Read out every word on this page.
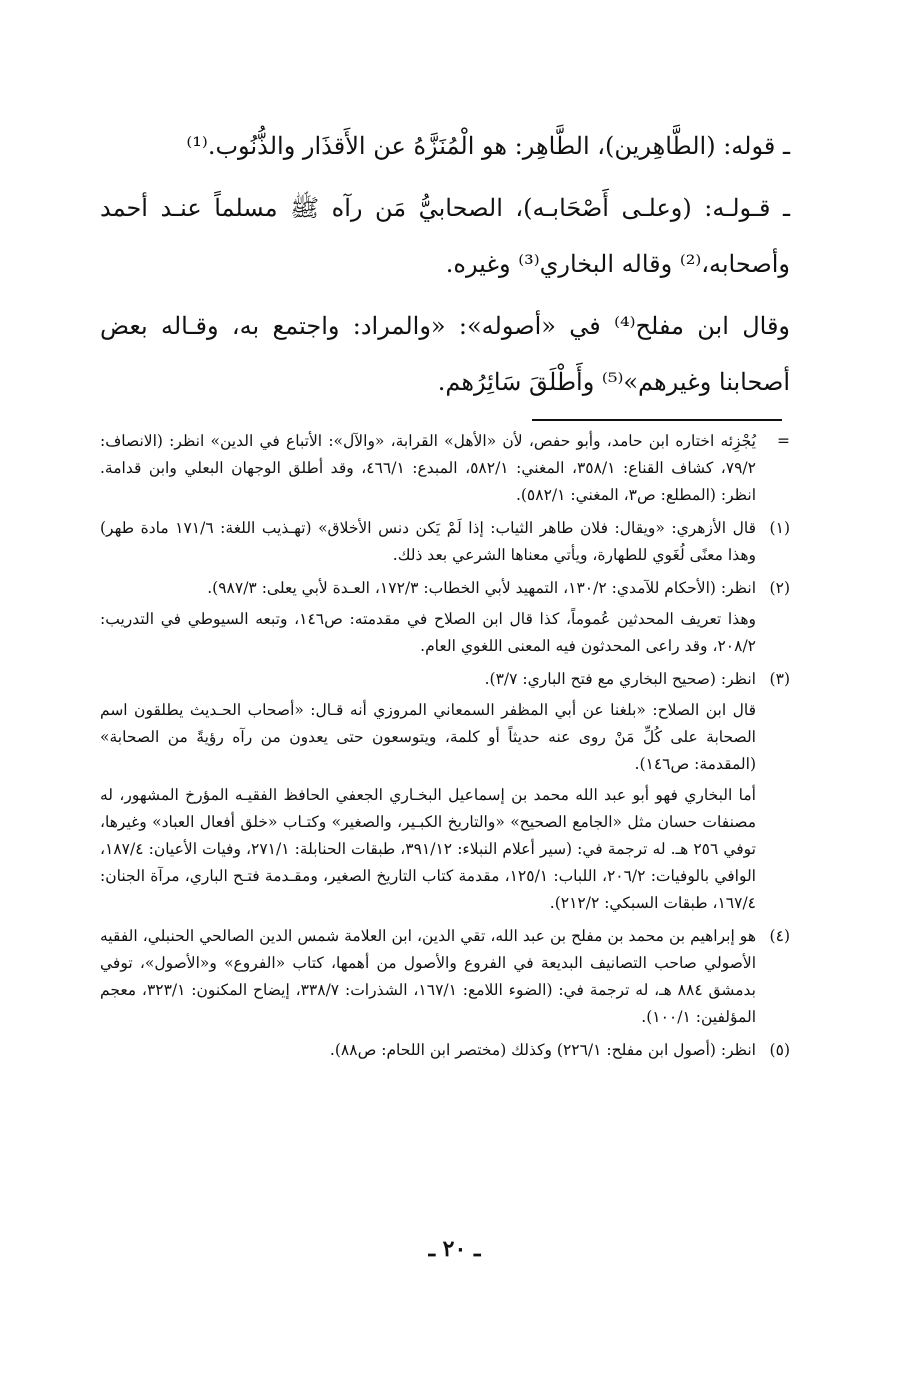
ـ قوله: (الطَّاهِرين)، الطَّاهِر: هو الْمُنَزَّهُ عن الأَقذَار والذُّنُوب.⁽¹⁾

ـ قـولـه: (وعلـى أَصْحَابـه)، الصحابيُّ مَن رآه ﷺ مسلماً عنـد أحمد وأصحابه،⁽²⁾ وقاله البخاري⁽³⁾ وغيره.

وقال ابن مفلح⁽⁴⁾ في «أصوله»: «والمراد: واجتمع به، وقـاله بعض أصحابنا وغيرهم»⁽⁵⁾ وأَطْلَقَ سَائِرُهم.

=

يُجْزِئه اختاره ابن حامد، وأبو حفص، لأن «الأهل» القرابة، «والآل»: الأتباع في الدين» انظر: (الانصاف: ٧٩/٢، كشاف القناع: ٣٥٨/١، المغني: ٥٨٢/١، المبدع: ٤٦٦/١، وقد أطلق الوجهان البعلي وابن قدامة. انظر: (المطلع: ص٣، المغني: ٥٨٢/١).

(١)

قال الأزهري: «ويقال: فلان طاهر الثياب: إذا لَمْ يَكن دنس الأخلاق» (تهـذيب اللغة: ١٧١/٦ مادة طهر) وهذا معنًى لُغَوي للطهارة، ويأتي معناها الشرعي بعد ذلك.

(٢)

انظر: (الأحكام للآمدي: ١٣٠/٢، التمهيد لأبي الخطاب: ١٧٢/٣، العـدة لأبي يعلى: ٩٨٧/٣).

وهذا تعريف المحدثين عُموماً، كذا قال ابن الصلاح في مقدمته: ص١٤٦، وتبعه السيوطي في التدريب: ٢٠٨/٢، وقد راعى المحدثون فيه المعنى اللغوي العام.

(٣)

انظر: (صحيح البخاري مع فتح الباري: ٣/٧).

قال ابن الصلاح: «بلغنا عن أبي المظفر السمعاني المروزي أنه قـال: «أصحاب الحـديث يطلقون اسم الصحابة على كُلِّ مَنْ روى عنه حديثاً أو كلمة، ويتوسعون حتى يعدون من رآه رؤيةً من الصحابة» (المقدمة: ص١٤٦).

أما البخاري فهو أبو عبد الله محمد بن إسماعيل البخـاري الجعفي الحافظ الفقيـه المؤرخ المشهور، له مصنفات حسان مثل «الجامع الصحيح» «والتاريخ الكبـير، والصغير» وكتـاب «خلق أفعال العباد» وغيرها، توفي ٢٥٦ هـ. له ترجمة في: (سير أعلام النبلاء: ٣٩١/١٢، طبقات الحنابلة: ٢٧١/١، وفيات الأعيان: ١٨٧/٤، الوافي بالوفيات: ٢٠٦/٢، اللباب: ١٢٥/١، مقدمة كتاب التاريخ الصغير، ومقـدمة فتـح الباري، مرآة الجنان: ١٦٧/٤، طبقات السبكي: ٢١٢/٢).

(٤)

هو إبراهيم بن محمد بن مفلح بن عبد الله، تقي الدين، ابن العلامة شمس الدين الصالحي الحنبلي، الفقيه الأصولي صاحب التصانيف البديعة في الفروع والأصول من أهمها، كتاب «الفروع» و«الأصول»، توفي بدمشق ٨٨٤ هـ، له ترجمة في: (الضوء اللامع: ١٦٧/١، الشذرات: ٣٣٨/٧، إيضاح المكنون: ٣٢٣/١، معجم المؤلفين: ١٠٠/١).

(٥)

انظر: (أصول ابن مفلح: ٢٢٦/١) وكذلك (مختصر ابن اللحام: ص٨٨).

ـ ٢٠ ـ
